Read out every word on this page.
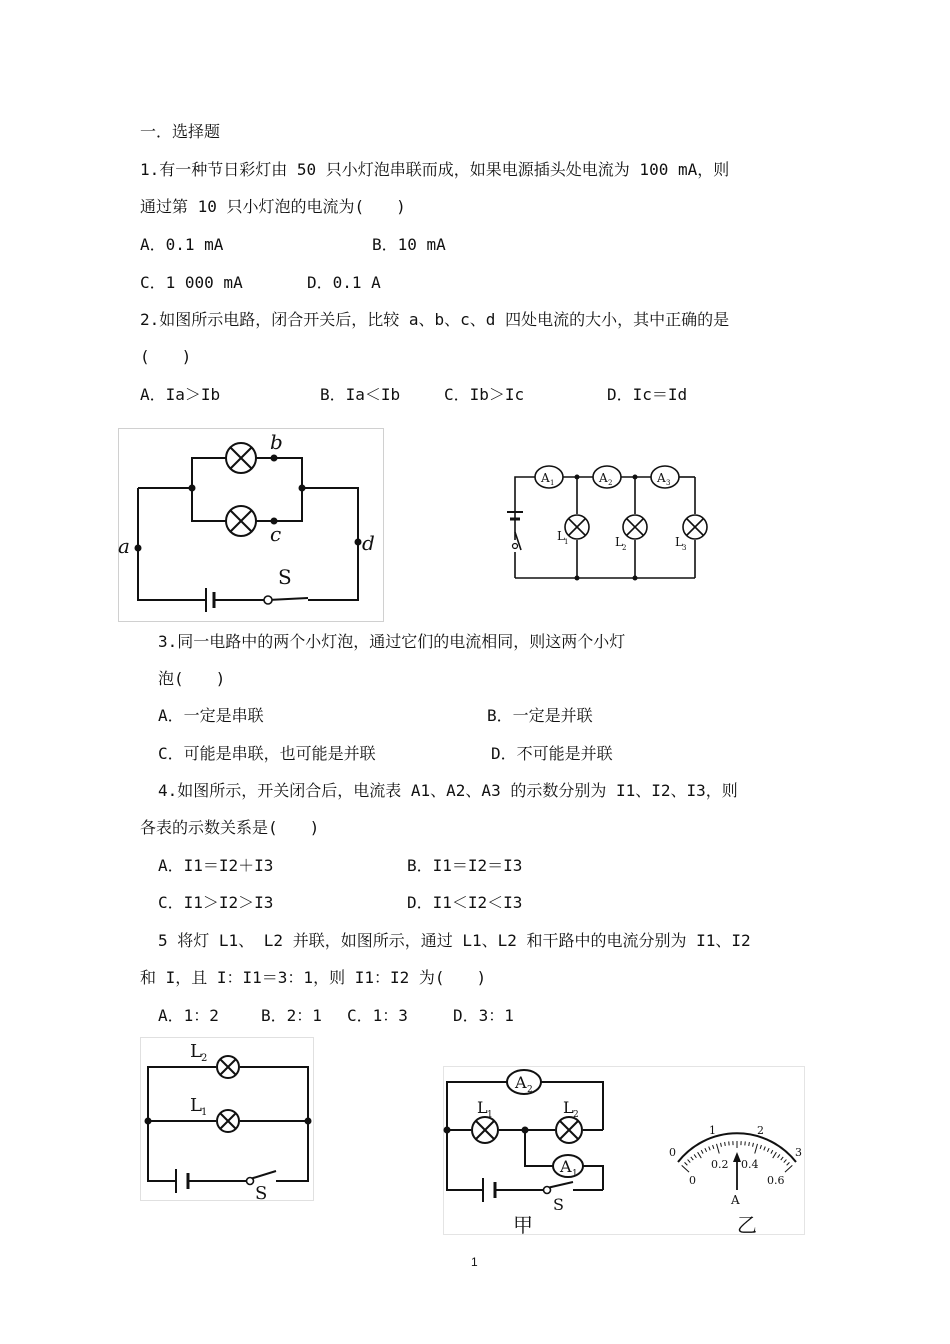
一．选择题
1.有一种节日彩灯由 50 只小灯泡串联而成，如果电源插头处电流为 100 mA，则
通过第 10 只小灯泡的电流为(　　)
A．0.1 mA	B．10 mA
C．1 000 mA	D．0.1 A
2.如图所示电路，闭合开关后，比较 a、b、c、d 四处电流的大小，其中正确的是
(　　)
A．Ia＞Ib	B．Ia＜Ib	C．Ib＞Ic	D．Ic＝Id
b
c
a	d
S
A 1	A 2	A 3
L 1	L 2	L 3
3.同一电路中的两个小灯泡，通过它们的电流相同，则这两个小灯
泡(　　)
A．一定是串联	B．一定是并联
C．可能是串联，也可能是并联	D．不可能是并联
4.如图所示，开关闭合后，电流表 A1、A2、A3 的示数分别为 I1、I2、I3，则
各表的示数关系是(　　)
A．I1＝I2＋I3	B．I1＝I2＝I3
C．I1＞I2＞I3	D．I1＜I2＜I3
5 将灯 L1、 L2 并联，如图所示，通过 L1、L2 和干路中的电流分别为 I1、I2
和 I，且 I：I1＝3：1，则 I1：I2 为(　　)
A．1：2	B．2：1 C．1：3	D．3：1
L 2
L 1
S
A 2
A 1
L 1	L 2
S
甲
0
1	2
3
0
0.2 0.4
0.6
A
乙
1
